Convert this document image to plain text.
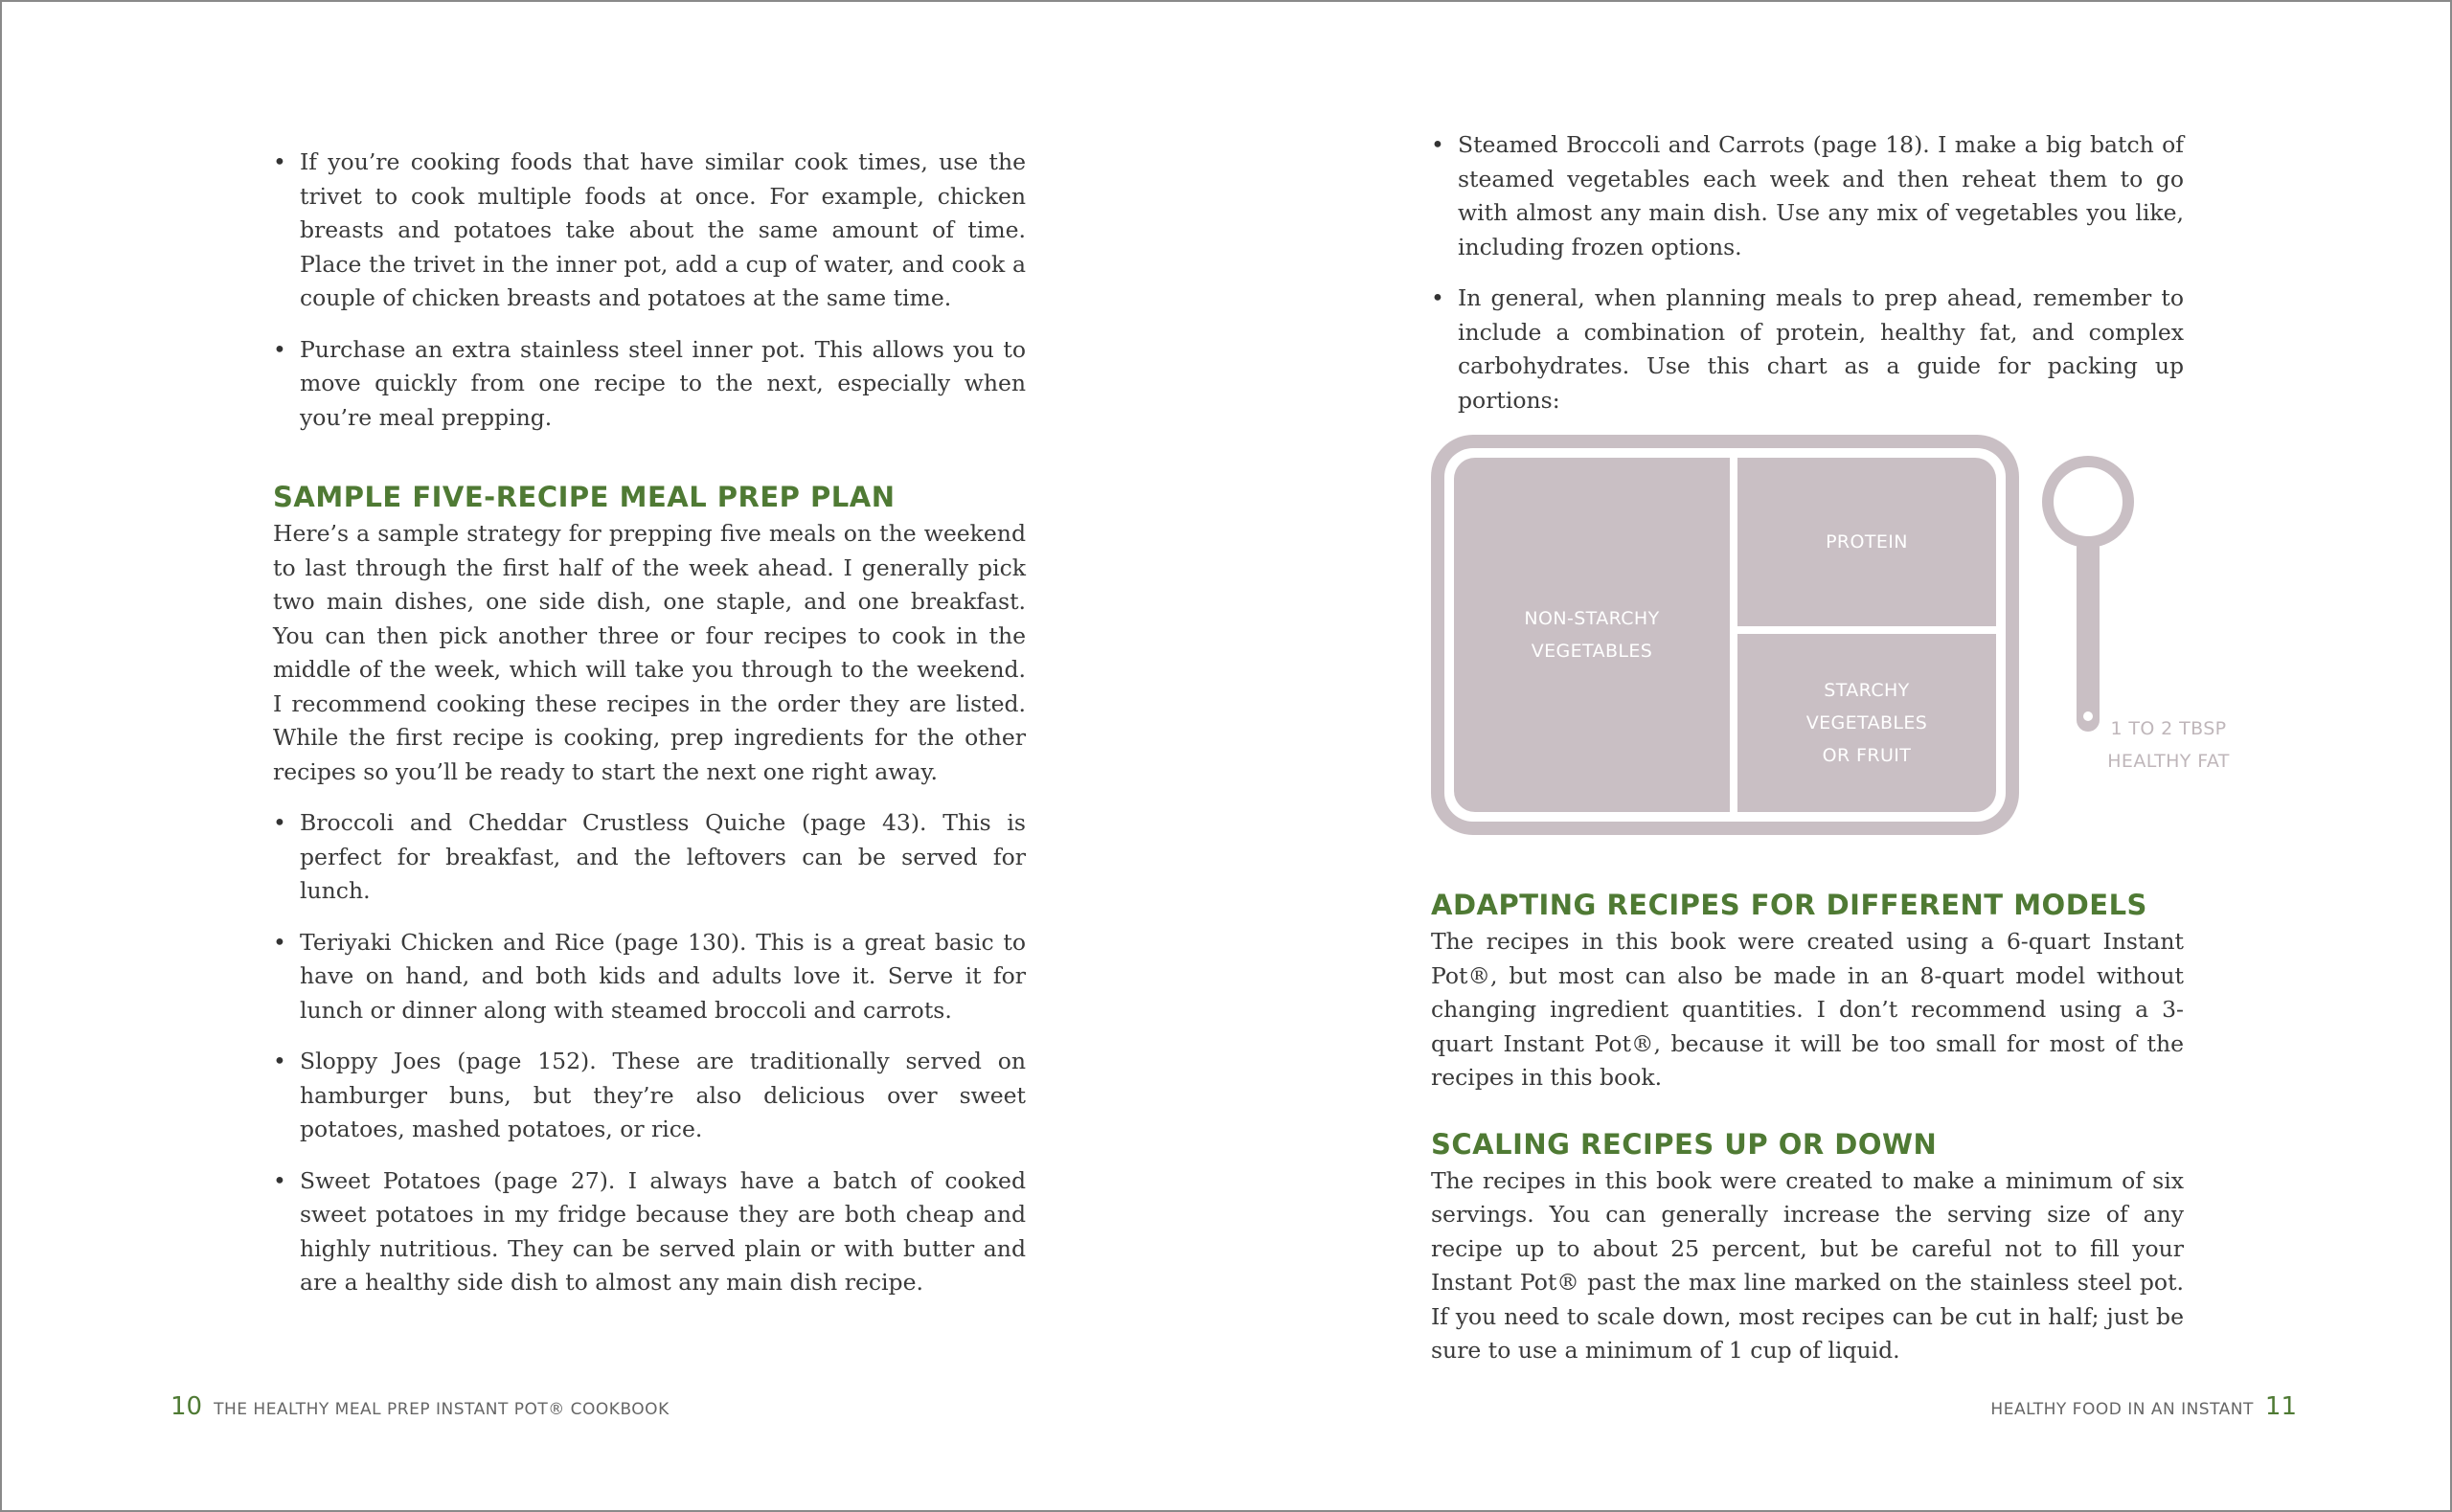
• If you’re cooking foods that have similar cook times, use the trivet to cook multiple foods at once. For example, chicken breasts and potatoes take about the same amount of time. Place the trivet in the inner pot, add a cup of water, and cook a couple of chicken breasts and potatoes at the same time.
• Purchase an extra stainless steel inner pot. This allows you to move quickly from one recipe to the next, especially when you’re meal prepping.
SAMPLE FIVE-RECIPE MEAL PREP PLAN

Here’s a sample strategy for prepping five meals on the weekend to last through the first half of the week ahead. I generally pick two main dishes, one side dish, one staple, and one breakfast. You can then pick another three or four recipes to cook in the middle of the week, which will take you through to the weekend. I recommend cooking these recipes in the order they are listed. While the first recipe is cooking, prep ingredients for the other recipes so you’ll be ready to start the next one right away.

• Broccoli and Cheddar Crustless Quiche (page 43). This is perfect for breakfast, and the leftovers can be served for lunch.
• Teriyaki Chicken and Rice (page 130). This is a great basic to have on hand, and both kids and adults love it. Serve it for lunch or dinner along with steamed broccoli and carrots.
• Sloppy Joes (page 152). These are traditionally served on hamburger buns, but they’re also delicious over sweet potatoes, mashed potatoes, or rice.
• Sweet Potatoes (page 27). I always have a batch of cooked sweet potatoes in my fridge because they are both cheap and highly nutritious. They can be served plain or with butter and are a healthy side dish to almost any main dish recipe.
10 THE HEALTHY MEAL PREP INSTANT POT® COOKBOOK
• Steamed Broccoli and Carrots (page 18). I make a big batch of steamed vegetables each week and then reheat them to go with almost any main dish. Use any mix of vegetables you like, including frozen options.
• In general, when planning meals to prep ahead, remember to include a combination of protein, healthy fat, and complex carbohydrates. Use this chart as a guide for packing up portions:
NON-STARCHY
VEGETABLES
PROTEIN
STARCHY
VEGETABLES
OR FRUIT
1 TO 2 TBSP
HEALTHY FAT
ADAPTING RECIPES FOR DIFFERENT MODELS

The recipes in this book were created using a 6-quart Instant Pot®, but most can also be made in an 8-quart model without changing ingredient quantities. I don’t recommend using a 3-quart Instant Pot®, because it will be too small for most of the recipes in this book.

SCALING RECIPES UP OR DOWN

The recipes in this book were created to make a minimum of six servings. You can generally increase the serving size of any recipe up to about 25 percent, but be careful not to fill your Instant Pot® past the max line marked on the stainless steel pot. If you need to scale down, most recipes can be cut in half; just be sure to use a minimum of 1 cup of liquid.

HEALTHY FOOD IN AN INSTANT 11
